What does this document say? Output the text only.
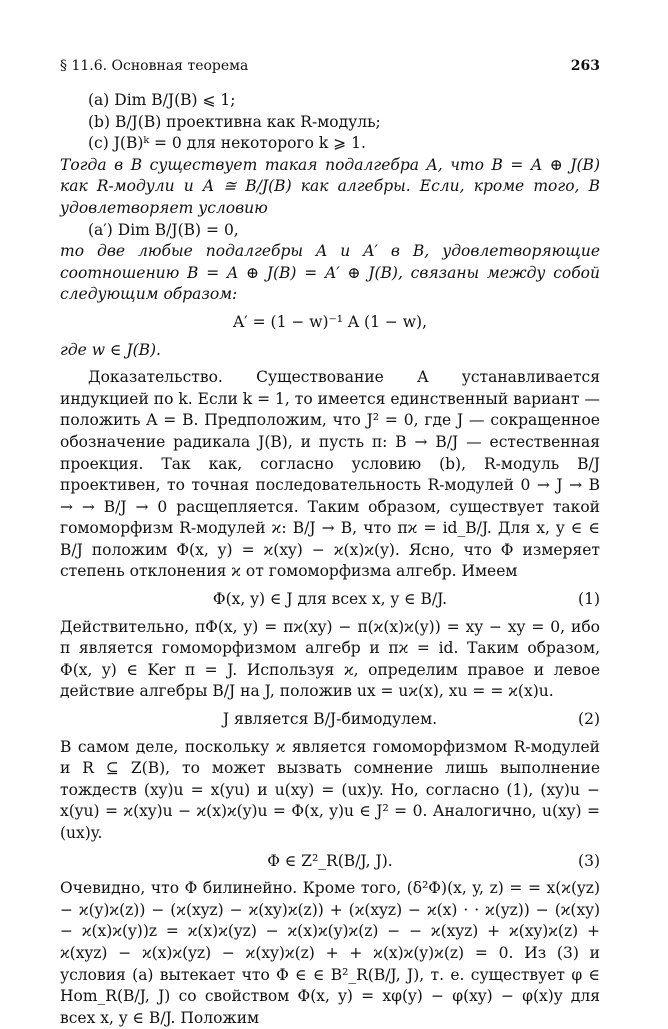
§ 11.6. Основная теорема	263

(a) Dim B/J(B) ⩽ 1;

(b) B/J(B) проективна как R-модуль;

(c) J(B)ᵏ = 0 для некоторого k ⩾ 1.

Тогда в B существует такая подалгебра A, что B = A ⊕ J(B) как R-модули и A ≅ B/J(B) как алгебры. Если, кроме того, B удовлетворяет условию

(a′) Dim B/J(B) = 0,

то две любые подалгебры A и A′ в B, удовлетворяющие соотношению B = A ⊕ J(B) = A′ ⊕ J(B), связаны между собой следующим образом:

A′ = (1 − w)⁻¹ A (1 − w),

где w ∈ J(B).

Доказательство. Существование A устанавливается индукцией по k. Если k = 1, то имеется единственный вариант — положить A = B. Предположим, что J² = 0, где J — сокращенное обозначение радикала J(B), и пусть π: B → B/J — естественная проекция. Так как, согласно условию (b), R-модуль B/J проективен, то точная последовательность R-модулей 0 → J → B → → B/J → 0 расщепляется. Таким образом, существует такой гомоморфизм R-модулей ϰ: B/J → B, что πϰ = id_B/J. Для x, y ∈ ∈ B/J положим Φ(x, y) = ϰ(xy) − ϰ(x)ϰ(y). Ясно, что Φ измеряет степень отклонения ϰ от гомоморфизма алгебр. Имеем

Φ(x, y) ∈ J для всех x, y ∈ B/J.	(1)

Действительно, πΦ(x, y) = πϰ(xy) − π(ϰ(x)ϰ(y)) = xy − xy = 0, ибо π является гомоморфизмом алгебр и πϰ = id. Таким образом, Φ(x, y) ∈ Ker π = J. Используя ϰ, определим правое и левое действие алгебры B/J на J, положив ux = uϰ(x), xu = = ϰ(x)u.

J является B/J-бимодулем.	(2)

В самом деле, поскольку ϰ является гомоморфизмом R-модулей и R ⊆ Z(B), то может вызвать сомнение лишь выполнение тождеств (xy)u = x(yu) и u(xy) = (ux)y. Но, согласно (1), (xy)u − x(yu) = ϰ(xy)u − ϰ(x)ϰ(y)u = Φ(x, y)u ∈ J² = 0. Аналогично, u(xy) = (ux)y.

Φ ∈ Z²_R(B/J, J).	(3)

Очевидно, что Φ билинейно. Кроме того, (δ²Φ)(x, y, z) = = x(ϰ(yz) − ϰ(y)ϰ(z)) − (ϰ(xyz) − ϰ(xy)ϰ(z)) + (ϰ(xyz) − ϰ(x) · · ϰ(yz)) − (ϰ(xy) − ϰ(x)ϰ(y))z = ϰ(x)ϰ(yz) − ϰ(x)ϰ(y)ϰ(z) − − ϰ(xyz) + ϰ(xy)ϰ(z) + ϰ(xyz) − ϰ(x)ϰ(yz) − ϰ(xy)ϰ(z) + + ϰ(x)ϰ(y)ϰ(z) = 0. Из (3) и условия (a) вытекает что Φ ∈ ∈ B²_R(B/J, J), т. е. существует φ ∈ Hom_R(B/J, J) со свойством Φ(x, y) = xφ(y) − φ(xy) − φ(x)y для всех x, y ∈ B/J. Положим
